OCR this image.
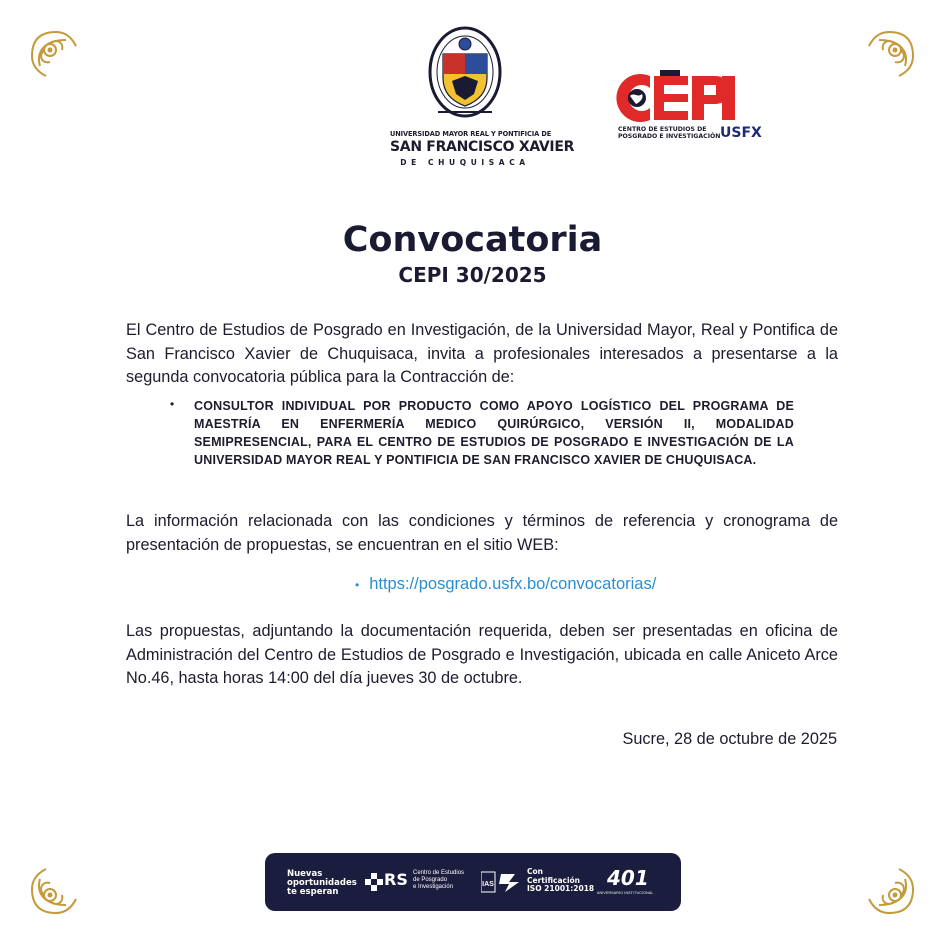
UNIVERSIDAD MAYOR REAL Y PONTIFICIA DE
SAN FRANCISCO XAVIER
DE CHUQUISACA
CENTRO DE ESTUDIOS DE
POSGRADO E INVESTIGACIÓN USFX
Convocatoria
CEPI 30/2025
El Centro de Estudios de Posgrado en Investigación, de la Universidad Mayor, Real y Pontifica de San Francisco Xavier de Chuquisaca, invita a profesionales interesados a presentarse a la segunda convocatoria pública para la Contracción de:
• CONSULTOR INDIVIDUAL POR PRODUCTO COMO APOYO LOGÍSTICO DEL PROGRAMA DE MAESTRÍA EN ENFERMERÍA MEDICO QUIRÚRGICO, VERSIÓN II, MODALIDAD SEMIPRESENCIAL, PARA EL CENTRO DE ESTUDIOS DE POSGRADO E INVESTIGACIÓN DE LA UNIVERSIDAD MAYOR REAL Y PONTIFICIA DE SAN FRANCISCO XAVIER DE CHUQUISACA.
La información relacionada con las condiciones y términos de referencia y cronograma de presentación de propuestas, se encuentran en el sitio WEB:
• https://posgrado.usfx.bo/convocatorias/
Las propuestas, adjuntando la documentación requerida, deben ser presentadas en oficina de Administración del Centro de Estudios de Posgrado e Investigación, ubicada en calle Aniceto Arce No.46, hasta horas 14:00 del día jueves 30 de octubre.
Sucre, 28 de octubre de 2025
Nuevas
oportunidades
te esperan
RS Centro de Estudios
de Posgrado
e Investigación	IAS
Con
Certificación
ISO 21001:2018 401
ANIVERSARIO INSTITUCIONAL
